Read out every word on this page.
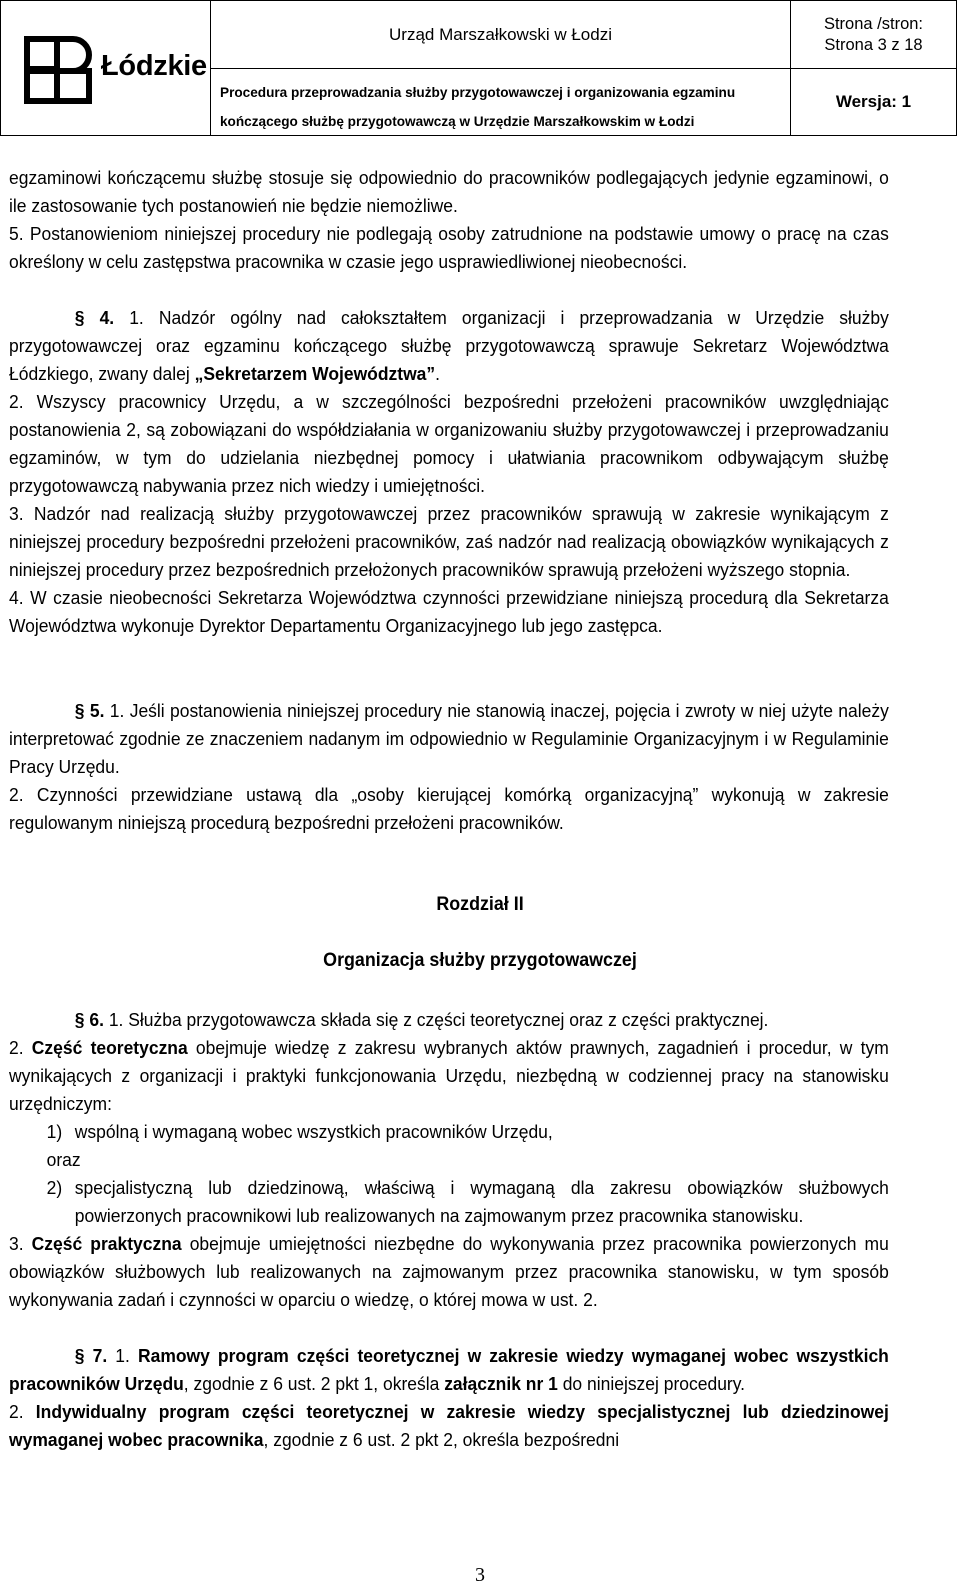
Łódzkie
Urząd Marszałkowski w Łodzi
Procedura przeprowadzania służby przygotowawczej i organizowania egzaminu
kończącego służbę przygotowawczą w Urzędzie Marszałkowskim w Łodzi
Strona /stron:
Strona 3 z 18
Wersja: 1

egzaminowi kończącemu służbę stosuje się odpowiednio do pracowników podlegających jedynie egzaminowi, o ile zastosowanie tych postanowień nie będzie niemożliwe.

5. Postanowieniom niniejszej procedury nie podlegają osoby zatrudnione na podstawie umowy o pracę na czas określony w celu zastępstwa pracownika w czasie jego usprawiedliwionej nieobecności.

§ 4. 1. Nadzór ogólny nad całokształtem organizacji i przeprowadzania w Urzędzie służby przygotowawczej oraz egzaminu kończącego służbę przygotowawczą sprawuje Sekretarz Województwa Łódzkiego, zwany dalej „Sekretarzem Województwa”.

2. Wszyscy pracownicy Urzędu, a w szczególności bezpośredni przełożeni pracowników uwzględniając postanowienia 2, są zobowiązani do współdziałania w organizowaniu służby przygotowawczej i przeprowadzaniu egzaminów, w tym do udzielania niezbędnej pomocy i ułatwiania pracownikom odbywającym służbę przygotowawczą nabywania przez nich wiedzy i umiejętności.

3. Nadzór nad realizacją służby przygotowawczej przez pracowników sprawują w zakresie wynikającym z niniejszej procedury bezpośredni przełożeni pracowników, zaś nadzór nad realizacją obowiązków wynikających z niniejszej procedury przez bezpośrednich przełożonych pracowników sprawują przełożeni wyższego stopnia.

4. W czasie nieobecności Sekretarza Województwa czynności przewidziane niniejszą procedurą dla Sekretarza Województwa wykonuje Dyrektor Departamentu Organizacyjnego lub jego zastępca.

§ 5. 1. Jeśli postanowienia niniejszej procedury nie stanowią inaczej, pojęcia i zwroty w niej użyte należy interpretować zgodnie ze znaczeniem nadanym im odpowiednio w Regulaminie Organizacyjnym i w Regulaminie Pracy Urzędu.

2. Czynności przewidziane ustawą dla „osoby kierującej komórką organizacyjną” wykonują w zakresie regulowanym niniejszą procedurą bezpośredni przełożeni pracowników.

Rozdział II
Organizacja służby przygotowawczej

§ 6. 1. Służba przygotowawcza składa się z części teoretycznej oraz z części praktycznej.

2. Część teoretyczna obejmuje wiedzę z zakresu wybranych aktów prawnych, zagadnień i procedur, w tym wynikających z organizacji i praktyki funkcjonowania Urzędu, niezbędną w codziennej pracy na stanowisku urzędniczym:

1) wspólną i wymaganą wobec wszystkich pracowników Urzędu,

oraz

2) specjalistyczną lub dziedzinową, właściwą i wymaganą dla zakresu obowiązków służbowych powierzonych pracownikowi lub realizowanych na zajmowanym przez pracownika stanowisku.

3. Część praktyczna obejmuje umiejętności niezbędne do wykonywania przez pracownika powierzonych mu obowiązków służbowych lub realizowanych na zajmowanym przez pracownika stanowisku, w tym sposób wykonywania zadań i czynności w oparciu o wiedzę, o której mowa w ust. 2.

§ 7. 1. Ramowy program części teoretycznej w zakresie wiedzy wymaganej wobec wszystkich pracowników Urzędu, zgodnie z 6 ust. 2 pkt 1, określa załącznik nr 1 do niniejszej procedury.

2. Indywidualny program części teoretycznej w zakresie wiedzy specjalistycznej lub dziedzinowej wymaganej wobec pracownika, zgodnie z 6 ust. 2 pkt 2, określa bezpośredni

3
